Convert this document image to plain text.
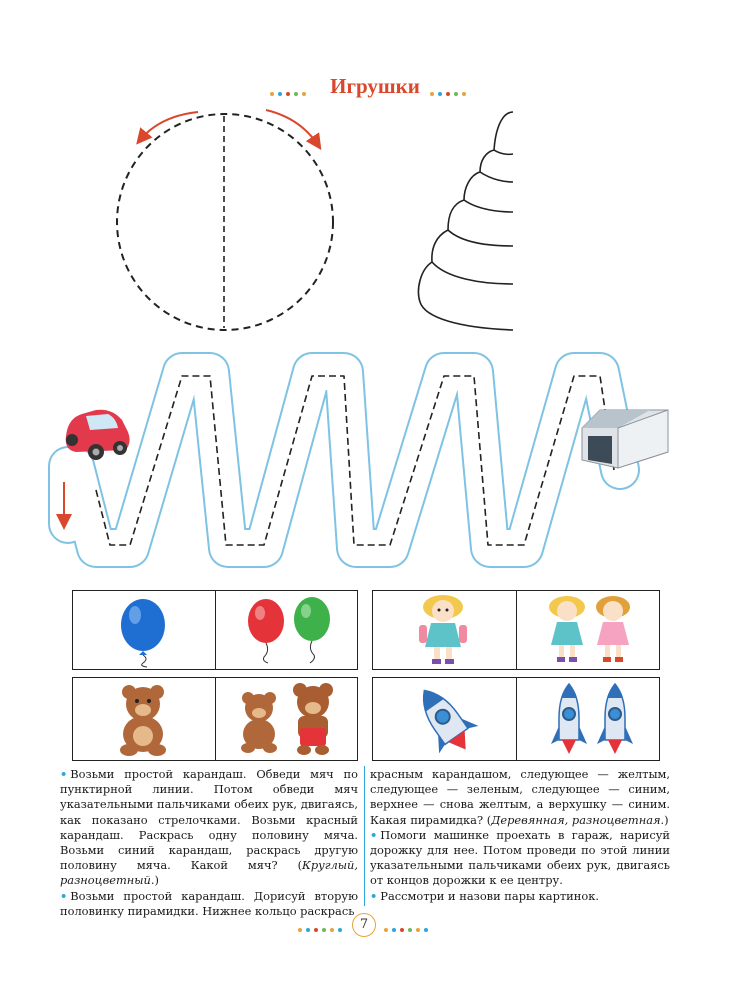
Игрушки

• Возьми простой карандаш. Обведи мяч по пунктирной линии. Потом обведи мяч указательными пальчиками обеих рук, двигаясь, как показано стрелочками. Возьми красный карандаш. Раскрась одну половину мяча. Возьми синий карандаш, раскрась другую половину мяча. Какой мяч? (Круглый, разноцветный.)

• Возьми простой карандаш. Дорисуй вторую половинку пирамидки. Нижнее кольцо раскрась

красным карандашом, следующее — желтым, следующее — зеленым, следующее — синим, верхнее — снова желтым, а верхушку — синим. Какая пирамидка? (Деревянная, разноцветная.)

• Помоги машинке проехать в гараж, нарисуй дорожку для нее. Потом проведи по этой линии указательными пальчиками обеих рук, двигаясь от концов дорожки к ее центру.

• Рассмотри и назови пары картинок.

7
